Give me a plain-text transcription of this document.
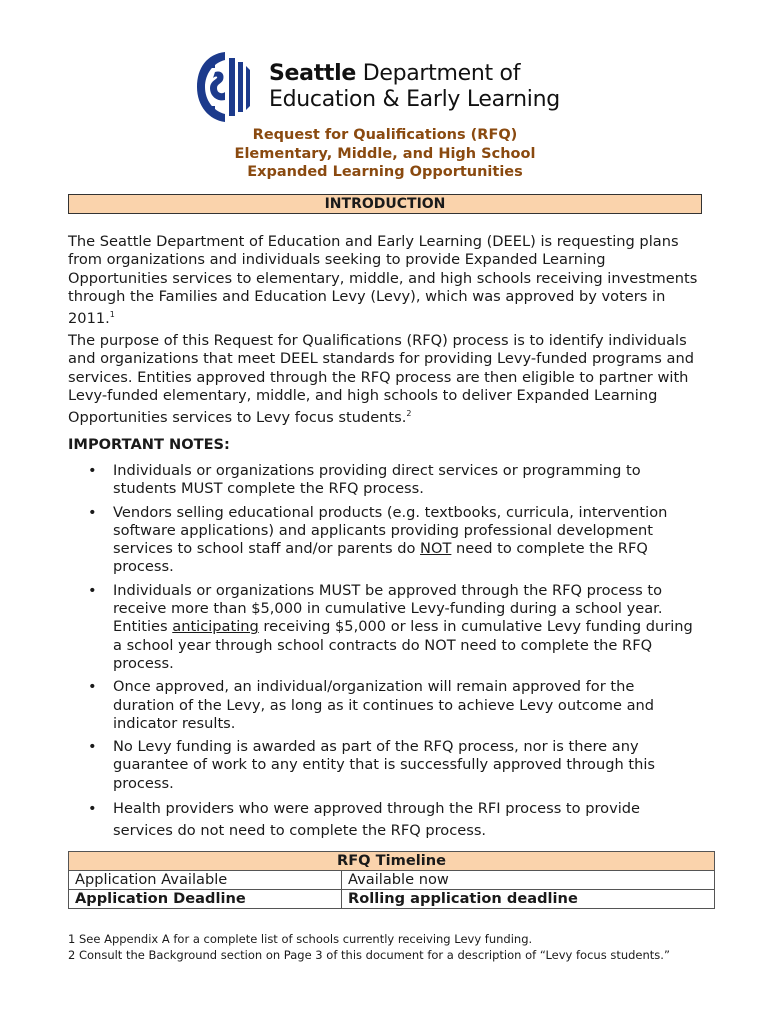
Seattle Department of
Education & Early Learning
Request for Qualifications (RFQ)
Elementary, Middle, and High School
Expanded Learning Opportunities
INTRODUCTION
The Seattle Department of Education and Early Learning (DEEL) is requesting plans from organizations and individuals seeking to provide Expanded Learning Opportunities services to elementary, middle, and high schools receiving investments through the Families and Education Levy (Levy), which was approved by voters in 2011.$^1$
The purpose of this Request for Qualifications (RFQ) process is to identify individuals and organizations that meet DEEL standards for providing Levy-funded programs and services. Entities approved through the RFQ process are then eligible to partner with Levy-funded elementary, middle, and high schools to deliver Expanded Learning Opportunities services to Levy focus students.$^2$
IMPORTANT NOTES:
• Individuals or organizations providing direct services or programming to students MUST complete the RFQ process.
• Vendors selling educational products (e.g. textbooks, curricula, intervention software applications) and applicants providing professional development services to school staff and/or parents do NOT need to complete the RFQ process.
• Individuals or organizations MUST be approved through the RFQ process to receive more than $5,000 in cumulative Levy-funding during a school year. Entities anticipating receiving $5,000 or less in cumulative Levy funding during a school year through school contracts do NOT need to complete the RFQ process.
• Once approved, an individual/organization will remain approved for the duration of the Levy, as long as it continues to achieve Levy outcome and indicator results.
• No Levy funding is awarded as part of the RFQ process, nor is there any guarantee of work to any entity that is successfully approved through this process.
• Health providers who were approved through the RFI process to provide services do not need to complete the RFQ process.
RFQ Timeline	
Application Available	Available now
Application Deadline	Rolling application deadline
1 See Appendix A for a complete list of schools currently receiving Levy funding.
2 Consult the Background section on Page 3 of this document for a description of “Levy focus students.”
